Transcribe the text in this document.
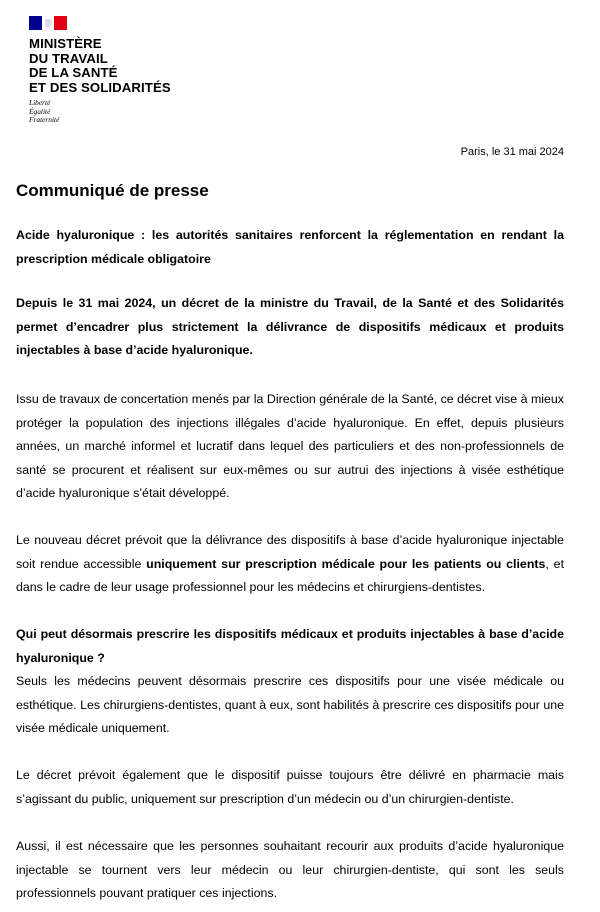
MINISTÈRE
DU TRAVAIL
DE LA SANTÉ
ET DES SOLIDARITÉS
Liberté
Égalité
Fraternité
Paris, le 31 mai 2024
Communiqué de presse
Acide hyaluronique : les autorités sanitaires renforcent la réglementation en rendant la prescription médicale obligatoire
Depuis le 31 mai 2024, un décret de la ministre du Travail, de la Santé et des Solidarités permet d’encadrer plus strictement la délivrance de dispositifs médicaux et produits injectables à base d’acide hyaluronique.
Issu de travaux de concertation menés par la Direction générale de la Santé, ce décret vise à mieux protéger la population des injections illégales d’acide hyaluronique. En effet, depuis plusieurs années, un marché informel et lucratif dans lequel des particuliers et des non-professionnels de santé se procurent et réalisent sur eux-mêmes ou sur autrui des injections à visée esthétique d’acide hyaluronique s’était développé.
Le nouveau décret prévoit que la délivrance des dispositifs à base d’acide hyaluronique injectable soit rendue accessible uniquement sur prescription médicale pour les patients ou clients, et dans le cadre de leur usage professionnel pour les médecins et chirurgiens-dentistes.

Qui peut désormais prescrire les dispositifs médicaux et produits injectables à base d’acide hyaluronique ?

Seuls les médecins peuvent désormais prescrire ces dispositifs pour une visée médicale ou esthétique. Les chirurgiens-dentistes, quant à eux, sont habilités à prescrire ces dispositifs pour une visée médicale uniquement.

Le décret prévoit également que le dispositif puisse toujours être délivré en pharmacie mais s’agissant du public, uniquement sur prescription d’un médecin ou d’un chirurgien-dentiste.
Aussi, il est nécessaire que les personnes souhaitant recourir aux produits d’acide hyaluronique injectable se tournent vers leur médecin ou leur chirurgien-dentiste, qui sont les seuls professionnels pouvant pratiquer ces injections.
